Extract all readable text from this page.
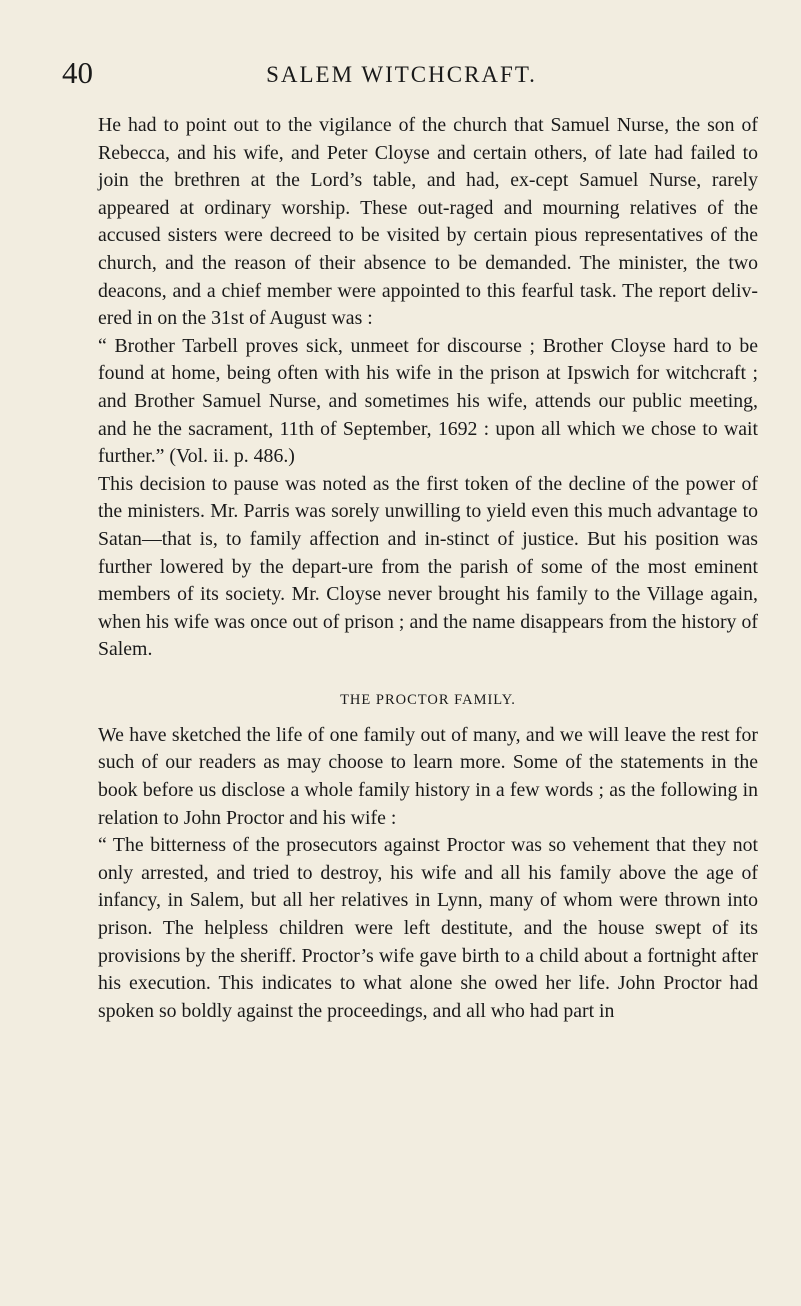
40	SALEM WITCHCRAFT.

He had to point out to the vigilance of the church that Samuel Nurse, the son of Rebecca, and his wife, and Peter Cloyse and certain others, of late had failed to join the brethren at the Lord’s table, and had, ex-cept Samuel Nurse, rarely appeared at ordinary worship. These out-raged and mourning relatives of the accused sisters were decreed to be visited by certain pious representatives of the church, and the reason of their absence to be demanded. The minister, the two deacons, and a chief member were appointed to this fearful task. The report deliv-ered in on the 31st of August was :

“ Brother Tarbell proves sick, unmeet for discourse ; Brother Cloyse hard to be found at home, being often with his wife in the prison at Ipswich for witchcraft ; and Brother Samuel Nurse, and sometimes his wife, attends our public meeting, and he the sacrament, 11th of September, 1692 : upon all which we chose to wait further.” (Vol. ii. p. 486.)

This decision to pause was noted as the first token of the decline of the power of the ministers. Mr. Parris was sorely unwilling to yield even this much advantage to Satan—that is, to family affection and in-stinct of justice. But his position was further lowered by the depart-ure from the parish of some of the most eminent members of its society. Mr. Cloyse never brought his family to the Village again, when his wife was once out of prison ; and the name disappears from the history of Salem.

THE PROCTOR FAMILY.

We have sketched the life of one family out of many, and we will leave the rest for such of our readers as may choose to learn more. Some of the statements in the book before us disclose a whole family history in a few words ; as the following in relation to John Proctor and his wife :

“ The bitterness of the prosecutors against Proctor was so vehement that they not only arrested, and tried to destroy, his wife and all his family above the age of infancy, in Salem, but all her relatives in Lynn, many of whom were thrown into prison. The helpless children were left destitute, and the house swept of its provisions by the sheriff. Proctor’s wife gave birth to a child about a fortnight after his execution. This indicates to what alone she owed her life. John Proctor had spoken so boldly against the proceedings, and all who had part in
